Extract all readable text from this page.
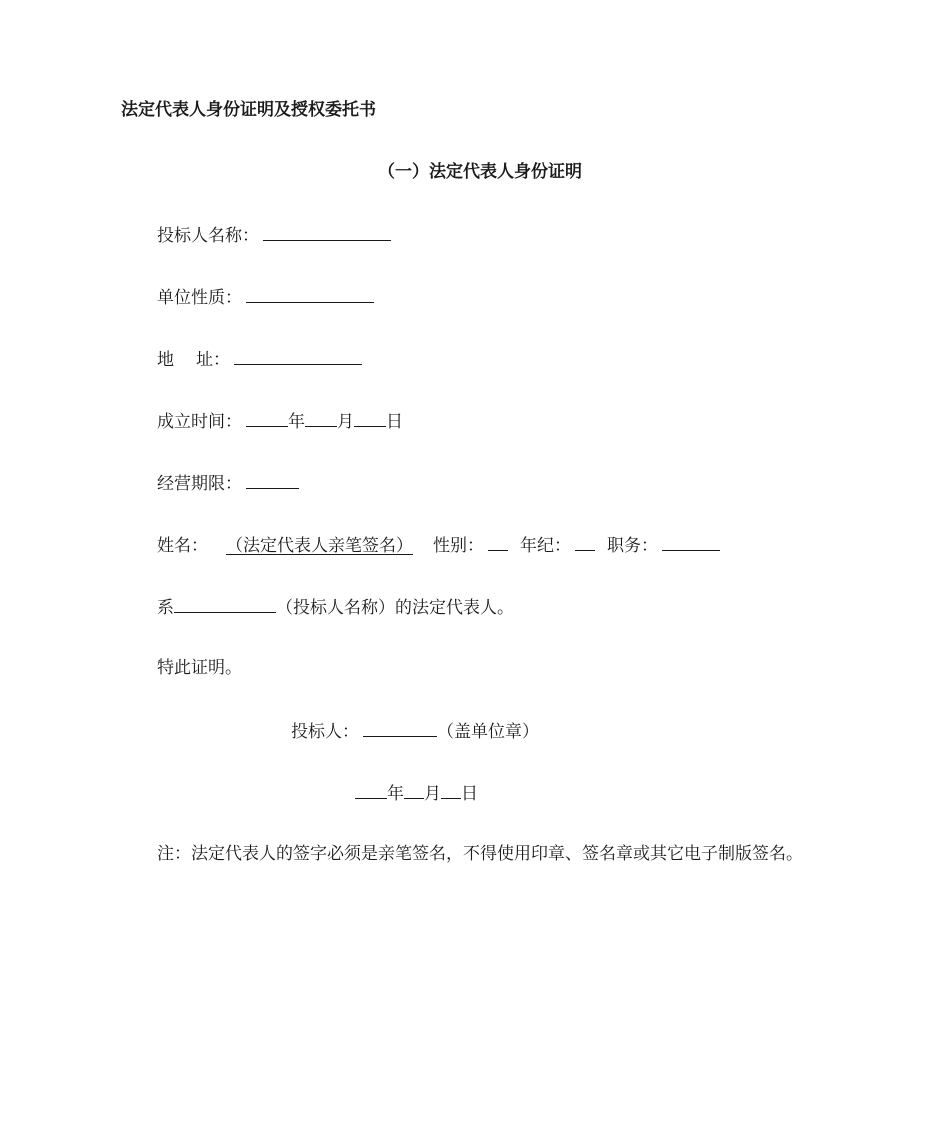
法定代表人身份证明及授权委托书
（一）法定代表人身份证明
投标人名称：
单位性质：
地 址：
成立时间：	年 月 日
经营期限：
姓名： （法定代表人亲笔签名） 性别： 年纪： 职务：
系	（投标人名称）的法定代表人。
特此证明。
投标人：	（盖单位章）
年 月 日
注：法定代表人的签字必须是亲笔签名，不得使用印章、签名章或其它电子制版签名。
